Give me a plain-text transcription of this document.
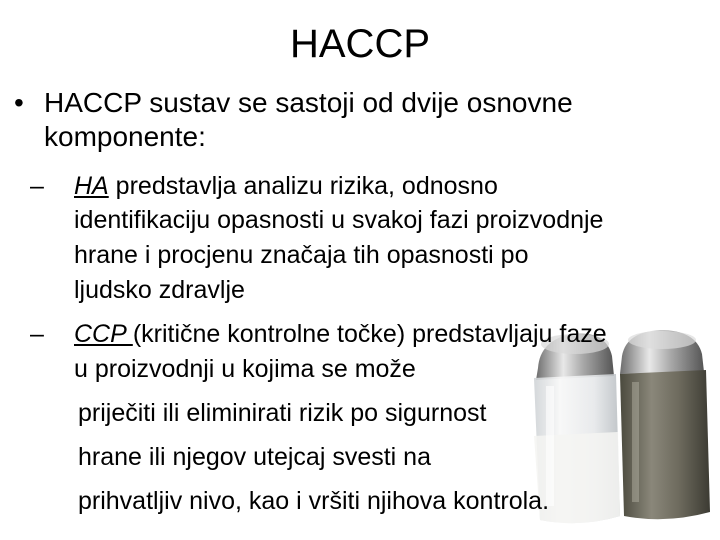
HACCP
• HACCP sustav se sastoji od dvije osnovne
komponente:
– HA predstavlja analizu rizika, odnosno
identifikaciju opasnosti u svakoj fazi proizvodnje
hrane i procjenu značaja tih opasnosti po
ljudsko zdravlje
– CCP (kritične kontrolne točke) predstavljaju faze
u proizvodnji u kojima se može
priječiti ili eliminirati rizik po sigurnost
hrane ili njegov utejcaj svesti na
prihvatljiv nivo, kao i vršiti njihova kontrola.
